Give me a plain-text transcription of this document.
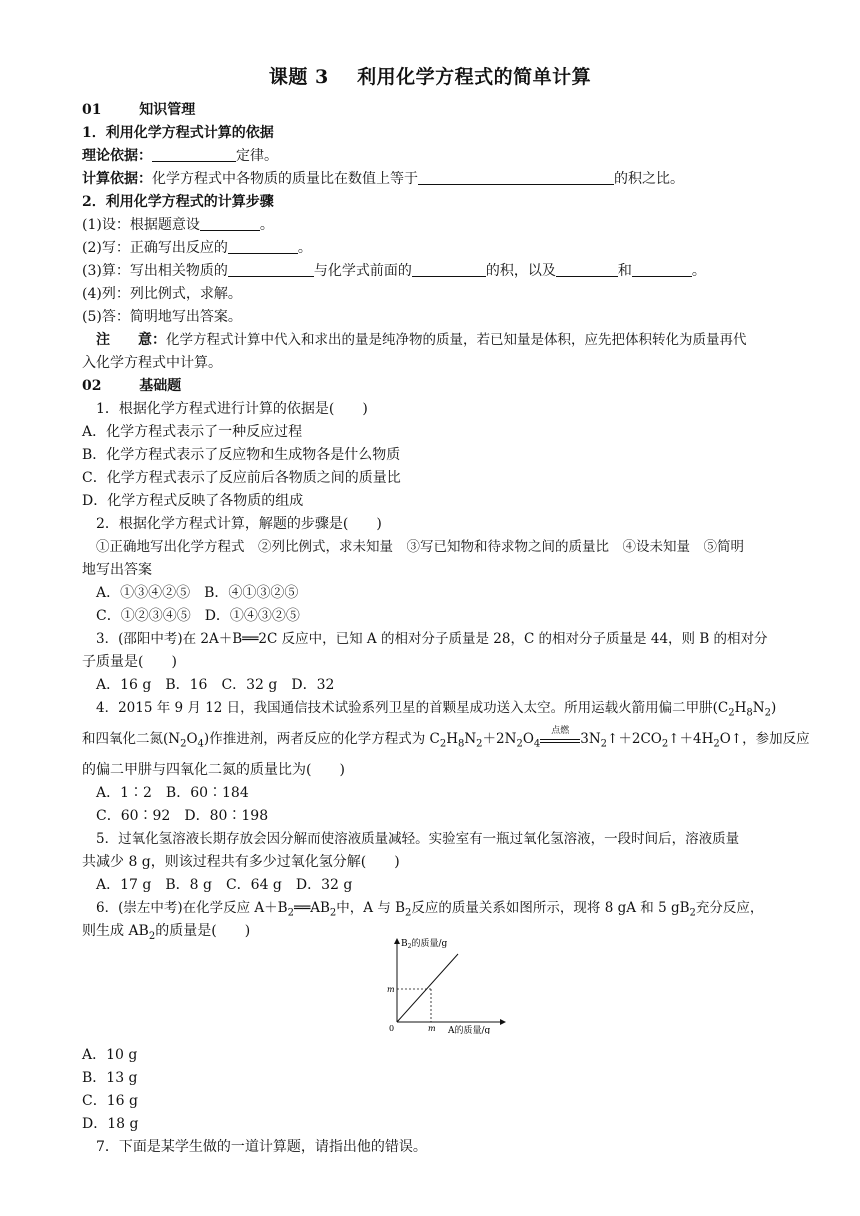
课题 3    利用化学方程式的简单计算
01	知识管理
1．利用化学方程式计算的依据
理论依据：	定律。
计算依据：化学方程式中各物质的质量比在数值上等于	的积之比。
2．利用化学方程式的计算步骤
(1)设：根据题意设	。
(2)写：正确写出反应的	。
(3)算：写出相关物质的	与化学式前面的	的积，以及	和	。
(4)列：列比例式，求解。
(5)答：简明地写出答案。
注　　意：化学方程式计算中代入和求出的量是纯净物的质量，若已知量是体积，应先把体积转化为质量再代
入化学方程式中计算。
02	基础题
1．根据化学方程式进行计算的依据是(　　)
A．化学方程式表示了一种反应过程
B．化学方程式表示了反应物和生成物各是什么物质
C．化学方程式表示了反应前后各物质之间的质量比
D．化学方程式反映了各物质的组成
2．根据化学方程式计算，解题的步骤是(　　)
①正确地写出化学方程式　②列比例式，求未知量　③写已知物和待求物之间的质量比　④设未知量　⑤简明
地写出答案
A．①③④②⑤　B．④①③②⑤
C．①②③④⑤　D．①④③②⑤
3．(邵阳中考)在 2A＋B══2C 反应中，已知 A 的相对分子质量是 28，C 的相对分子质量是 44，则 B 的相对分
子质量是(　　)
A．16 g　B．16　C．32 g　D．32
4．2015 年 9 月 12 日，我国通信技术试验系列卫星的首颗星成功送入太空。所用运载火箭用偏二甲肼$(C_2H_8N_2)$
和四氧化二氮$(N_2O_4)$作推进剂，两者反应的化学方程式为 $C_2H_8N_2+2N_2O_4$
点燃 $3N_2↑+2CO_2↑+4H_2O↑$，参加反应
的偏二甲肼与四氧化二氮的质量比为(　　)
A．1∶2　B．60∶184
C．60∶92　D．80∶198
5．过氧化氢溶液长期存放会因分解而使溶液质量减轻。实验室有一瓶过氧化氢溶液，一段时间后，溶液质量
共减少 8 g，则该过程共有多少过氧化氢分解(　　)
A．17 g　B．8 g　C．64 g　D．32 g
6．(崇左中考)在化学反应 $A+B_2══AB_2$中，A 与 $B_2$反应的质量关系如图所示，现将 8 gA 和 5 $gB_2$充分反应，
则生成 $AB_2$的质量是(　　)
$B_2$的质量/g
A的质量/g
0
m
m
A．10 g
B．13 g
C．16 g
D．18 g
7．下面是某学生做的一道计算题，请指出他的错误。
